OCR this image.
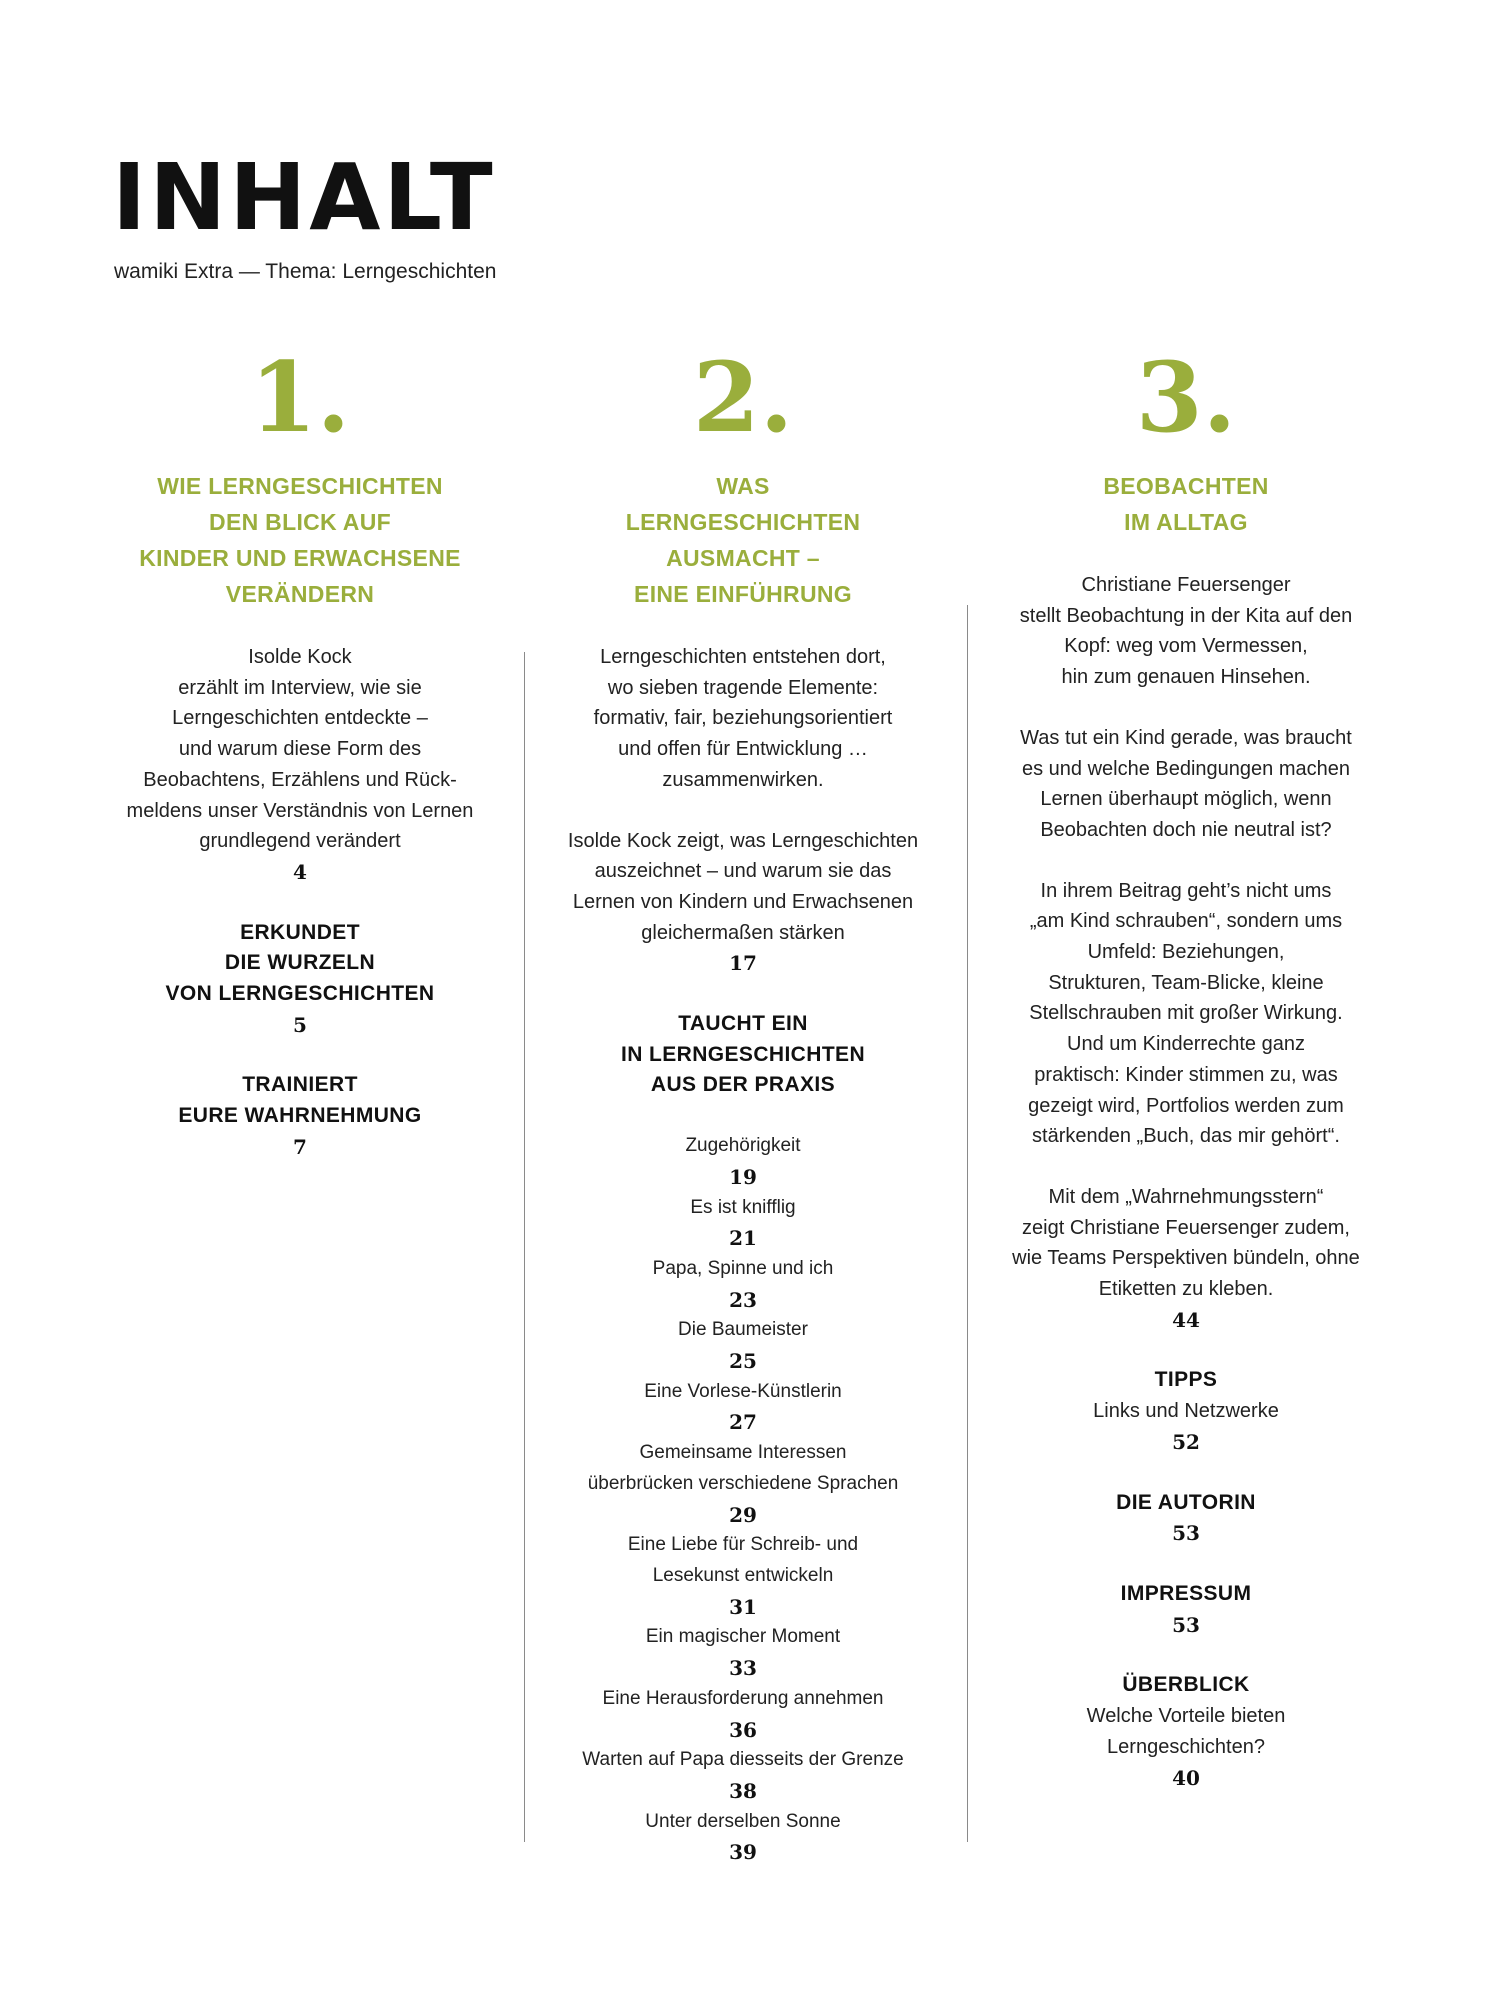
INHALT
wamiki Extra — Thema: Lerngeschichten
1.
WIE LERNGESCHICHTEN
DEN BLICK AUF
KINDER UND ERWACHSENE
VERÄNDERN

Isolde Kock

erzählt im Interview, wie sie

Lerngeschichten entdeckte –

und warum diese Form des

Beobachtens, Erzählens und Rück-

meldens unser Verständnis von Lernen

grundlegend verändert

4
ERKUNDET
DIE WURZELN
VON LERNGESCHICHTEN
5
TRAINIERT
EURE WAHRNEHMUNG
7
2.
WAS
LERNGESCHICHTEN
AUSMACHT –
EINE EINFÜHRUNG

Lerngeschichten entstehen dort,

wo sieben tragende Elemente:

formativ, fair, beziehungsorientiert

und offen für Entwicklung …

zusammenwirken.

Isolde Kock zeigt, was Lerngeschichten

auszeichnet – und warum sie das

Lernen von Kindern und Erwachsenen

gleichermaßen stärken

17
TAUCHT EIN
IN LERNGESCHICHTEN
AUS DER PRAXIS
Zugehörigkeit
19
Es ist knifflig
21
Papa, Spinne und ich
23
Die Baumeister
25
Eine Vorlese-Künstlerin
27
Gemeinsame Interessen
überbrücken verschiedene Sprachen
29
Eine Liebe für Schreib- und
Lesekunst entwickeln
31
Ein magischer Moment
33
Eine Herausforderung annehmen
36
Warten auf Papa diesseits der Grenze
38
Unter derselben Sonne
39
3.
BEOBACHTEN
IM ALLTAG

Christiane Feuersenger

stellt Beobachtung in der Kita auf den

Kopf: weg vom Vermessen,

hin zum genauen Hinsehen.

Was tut ein Kind gerade, was braucht

es und welche Bedingungen machen

Lernen überhaupt möglich, wenn

Beobachten doch nie neutral ist?

In ihrem Beitrag geht’s nicht ums

„am Kind schrauben“, sondern ums

Umfeld: Beziehungen,

Strukturen, Team-Blicke, kleine

Stellschrauben mit großer Wirkung.

Und um Kinderrechte ganz

praktisch: Kinder stimmen zu, was

gezeigt wird, Portfolios werden zum

stärkenden „Buch, das mir gehört“.

Mit dem „Wahrnehmungsstern“

zeigt Christiane Feuersenger zudem,

wie Teams Perspektiven bündeln, ohne

Etiketten zu kleben.

44
TIPPS
Links und Netzwerke
52
DIE AUTORIN
53
IMPRESSUM
53
ÜBERBLICK

Welche Vorteile bieten

Lerngeschichten?

40
